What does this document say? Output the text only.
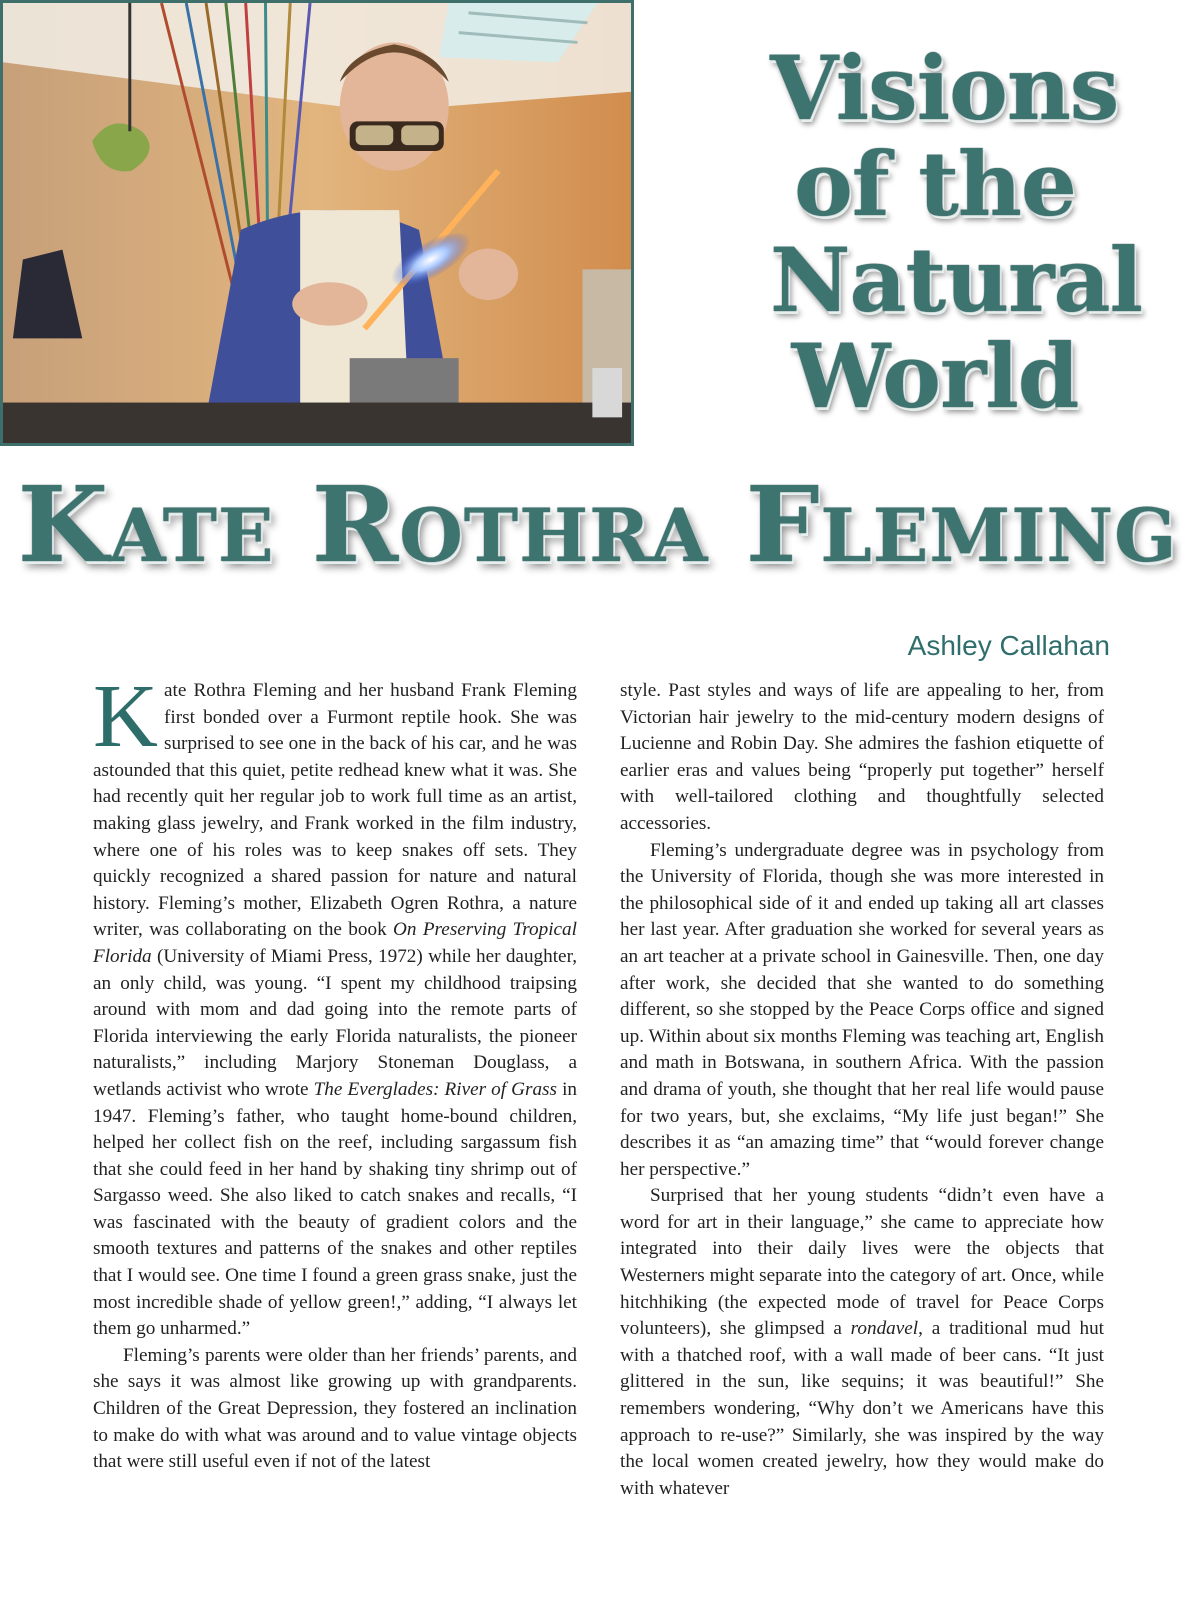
Visions
of the
Natural
World
Kate Rothra Fleming
Ashley Callahan

Kate Rothra Fleming and her husband Frank Fleming first bonded over a Furmont reptile hook. She was surprised to see one in the back of his car, and he was astounded that this quiet, petite redhead knew what it was. She had recently quit her regular job to work full time as an artist, making glass jewelry, and Frank worked in the film industry, where one of his roles was to keep snakes off sets. They quickly recognized a shared passion for nature and natural history. Fleming’s mother, Elizabeth Ogren Rothra, a nature writer, was collaborating on the book On Preserving Tropical Florida (University of Miami Press, 1972) while her daughter, an only child, was young. “I spent my childhood traipsing around with mom and dad going into the remote parts of Florida interviewing the early Florida naturalists, the pioneer naturalists,” including Marjory Stoneman Douglass, a wetlands activist who wrote The Everglades: River of Grass in 1947. Fleming’s father, who taught home-bound children, helped her collect fish on the reef, including sargassum fish that she could feed in her hand by shaking tiny shrimp out of Sargasso weed. She also liked to catch snakes and recalls, “I was fascinated with the beauty of gradient colors and the smooth textures and patterns of the snakes and other reptiles that I would see. One time I found a green grass snake, just the most incredible shade of yellow green!,” adding, “I always let them go unharmed.”

Fleming’s parents were older than her friends’ parents, and she says it was almost like growing up with grandparents. Children of the Great Depression, they fostered an inclination to make do with what was around and to value vintage objects that were still useful even if not of the latest

style. Past styles and ways of life are appealing to her, from Victorian hair jewelry to the mid-century modern designs of Lucienne and Robin Day. She admires the fashion etiquette of earlier eras and values being “properly put together” herself with well-tailored clothing and thoughtfully selected accessories.

Fleming’s undergraduate degree was in psychology from the University of Florida, though she was more interested in the philosophical side of it and ended up taking all art classes her last year. After graduation she worked for several years as an art teacher at a private school in Gainesville. Then, one day after work, she decided that she wanted to do something different, so she stopped by the Peace Corps office and signed up. Within about six months Fleming was teaching art, English and math in Botswana, in southern Africa. With the passion and drama of youth, she thought that her real life would pause for two years, but, she exclaims, “My life just began!” She describes it as “an amazing time” that “would forever change her perspective.”

Surprised that her young students “didn’t even have a word for art in their language,” she came to appreciate how integrated into their daily lives were the objects that Westerners might separate into the category of art. Once, while hitchhiking (the expected mode of travel for Peace Corps volunteers), she glimpsed a rondavel, a traditional mud hut with a thatched roof, with a wall made of beer cans. “It just glittered in the sun, like sequins; it was beautiful!” She remembers wondering, “Why don’t we Americans have this approach to re-use?” Similarly, she was inspired by the way the local women created jewelry, how they would make do with whatever
